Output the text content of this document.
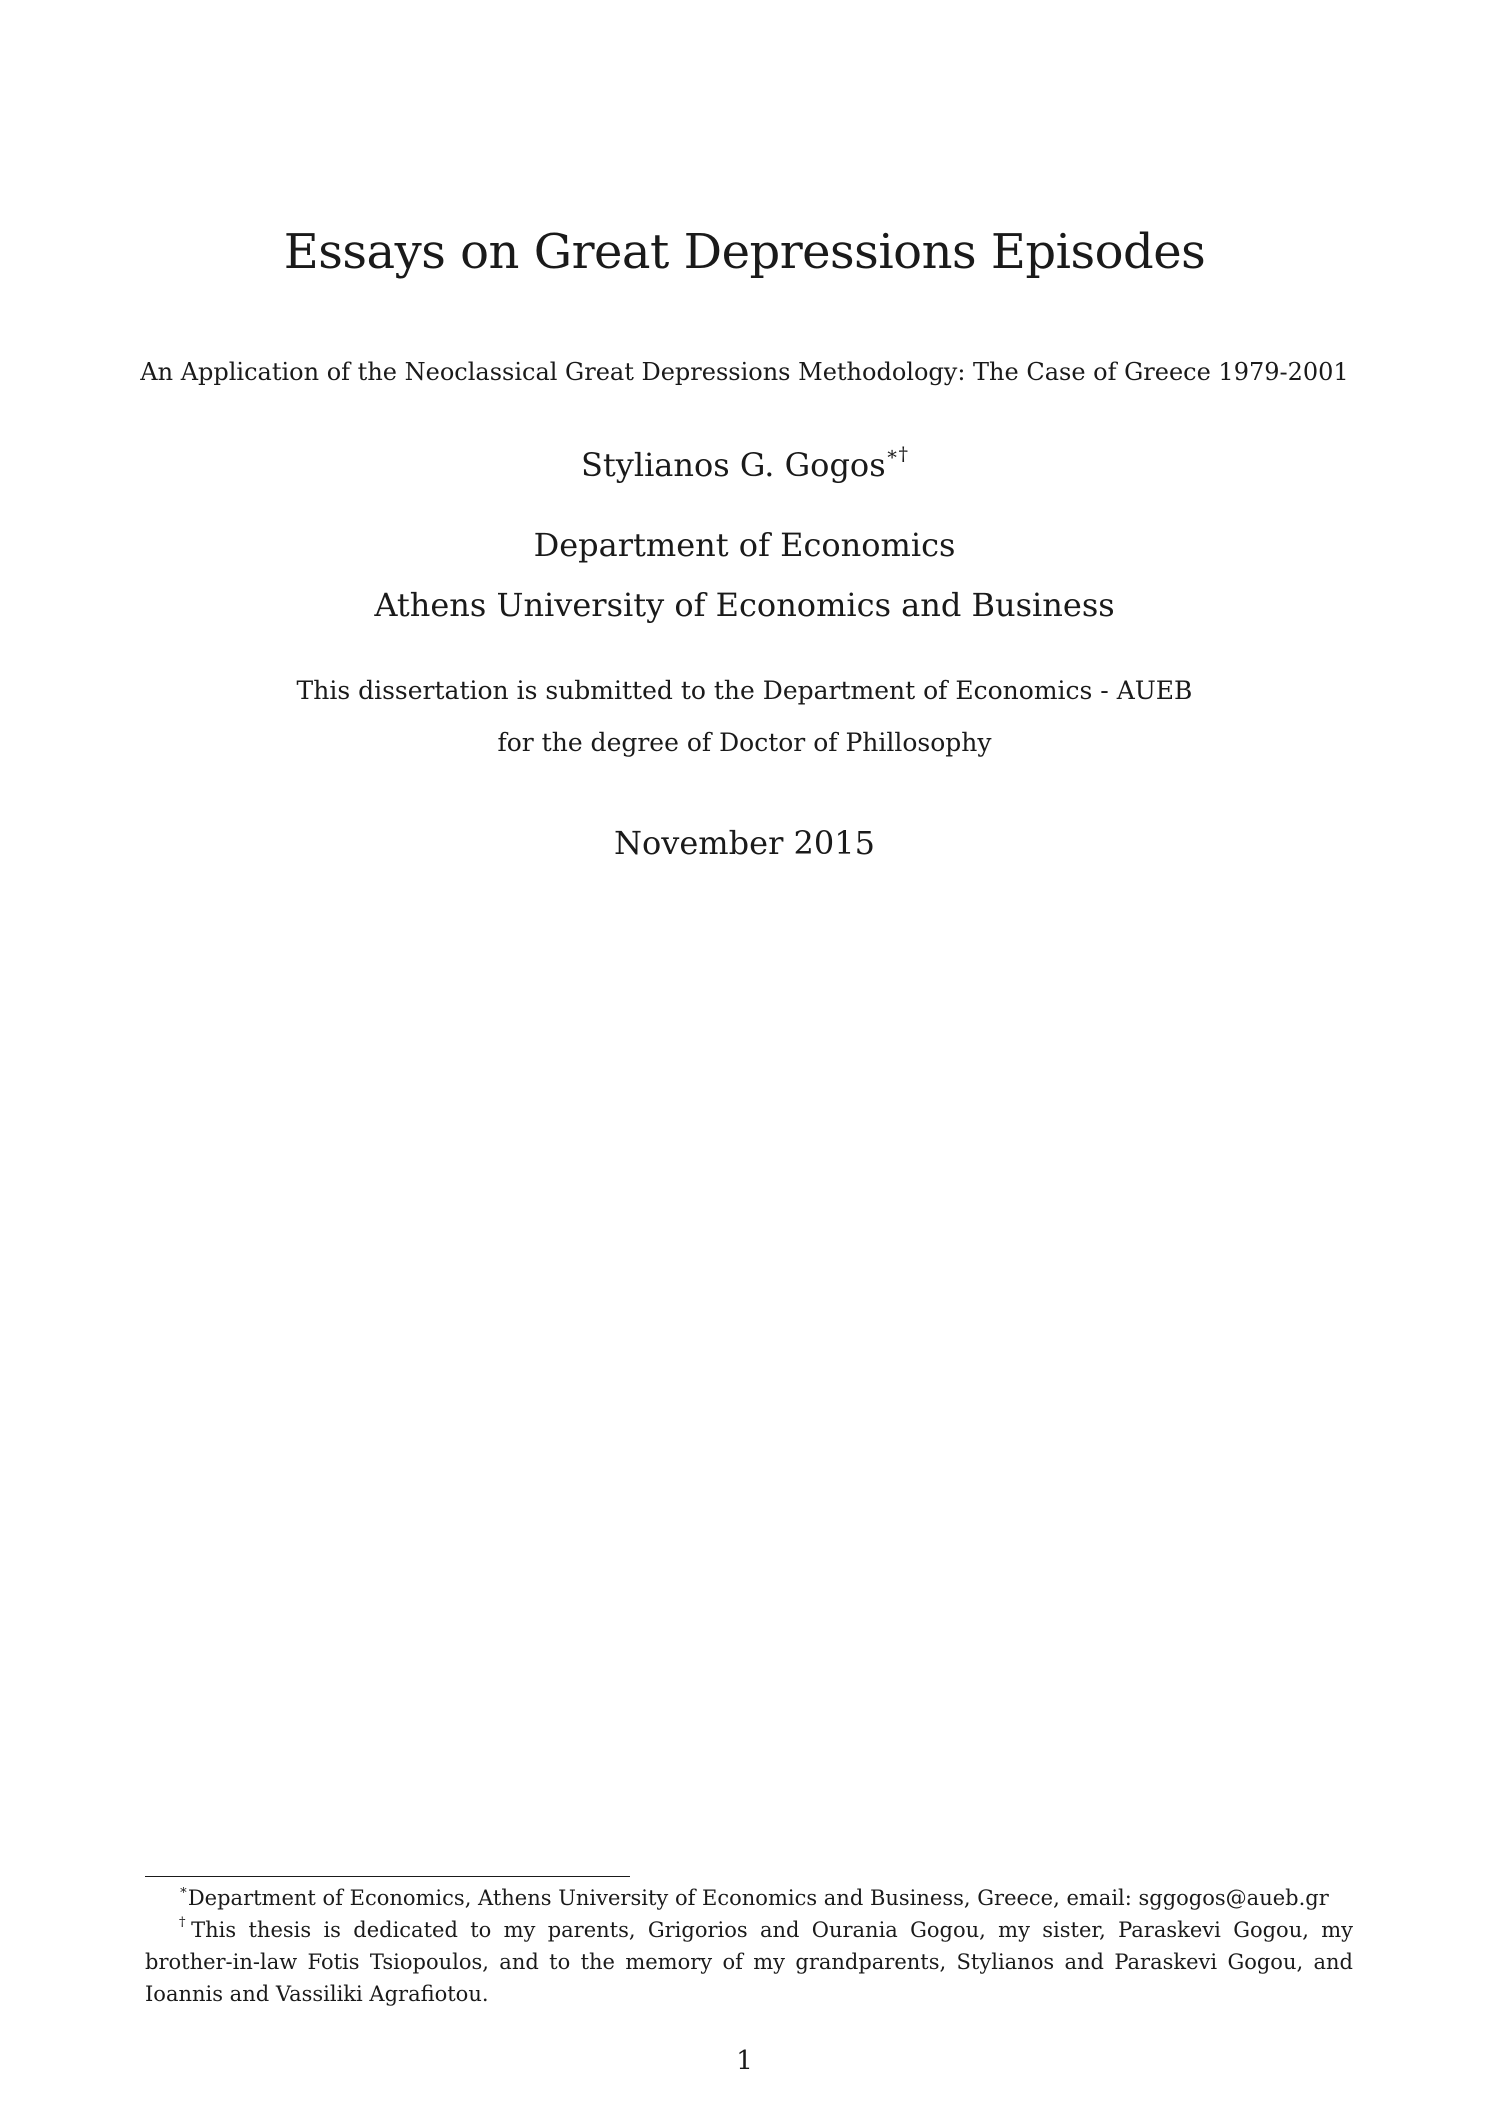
Essays on Great Depressions Episodes
An Application of the Neoclassical Great Depressions Methodology: The Case of Greece 1979-2001
Stylianos G. Gogos∗†
Department of Economics
Athens University of Economics and Business
This dissertation is submitted to the Department of Economics - AUEB
for the degree of Doctor of Phillosophy
November 2015

∗Department of Economics, Athens University of Economics and Business, Greece, email: sggogos@aueb.gr

†This thesis is dedicated to my parents, Grigorios and Ourania Gogou, my sister, Paraskevi Gogou, my brother-in-law Fotis Tsiopoulos, and to the memory of my grandparents, Stylianos and Paraskevi Gogou, and Ioannis and Vassiliki Agrafiotou.

1
